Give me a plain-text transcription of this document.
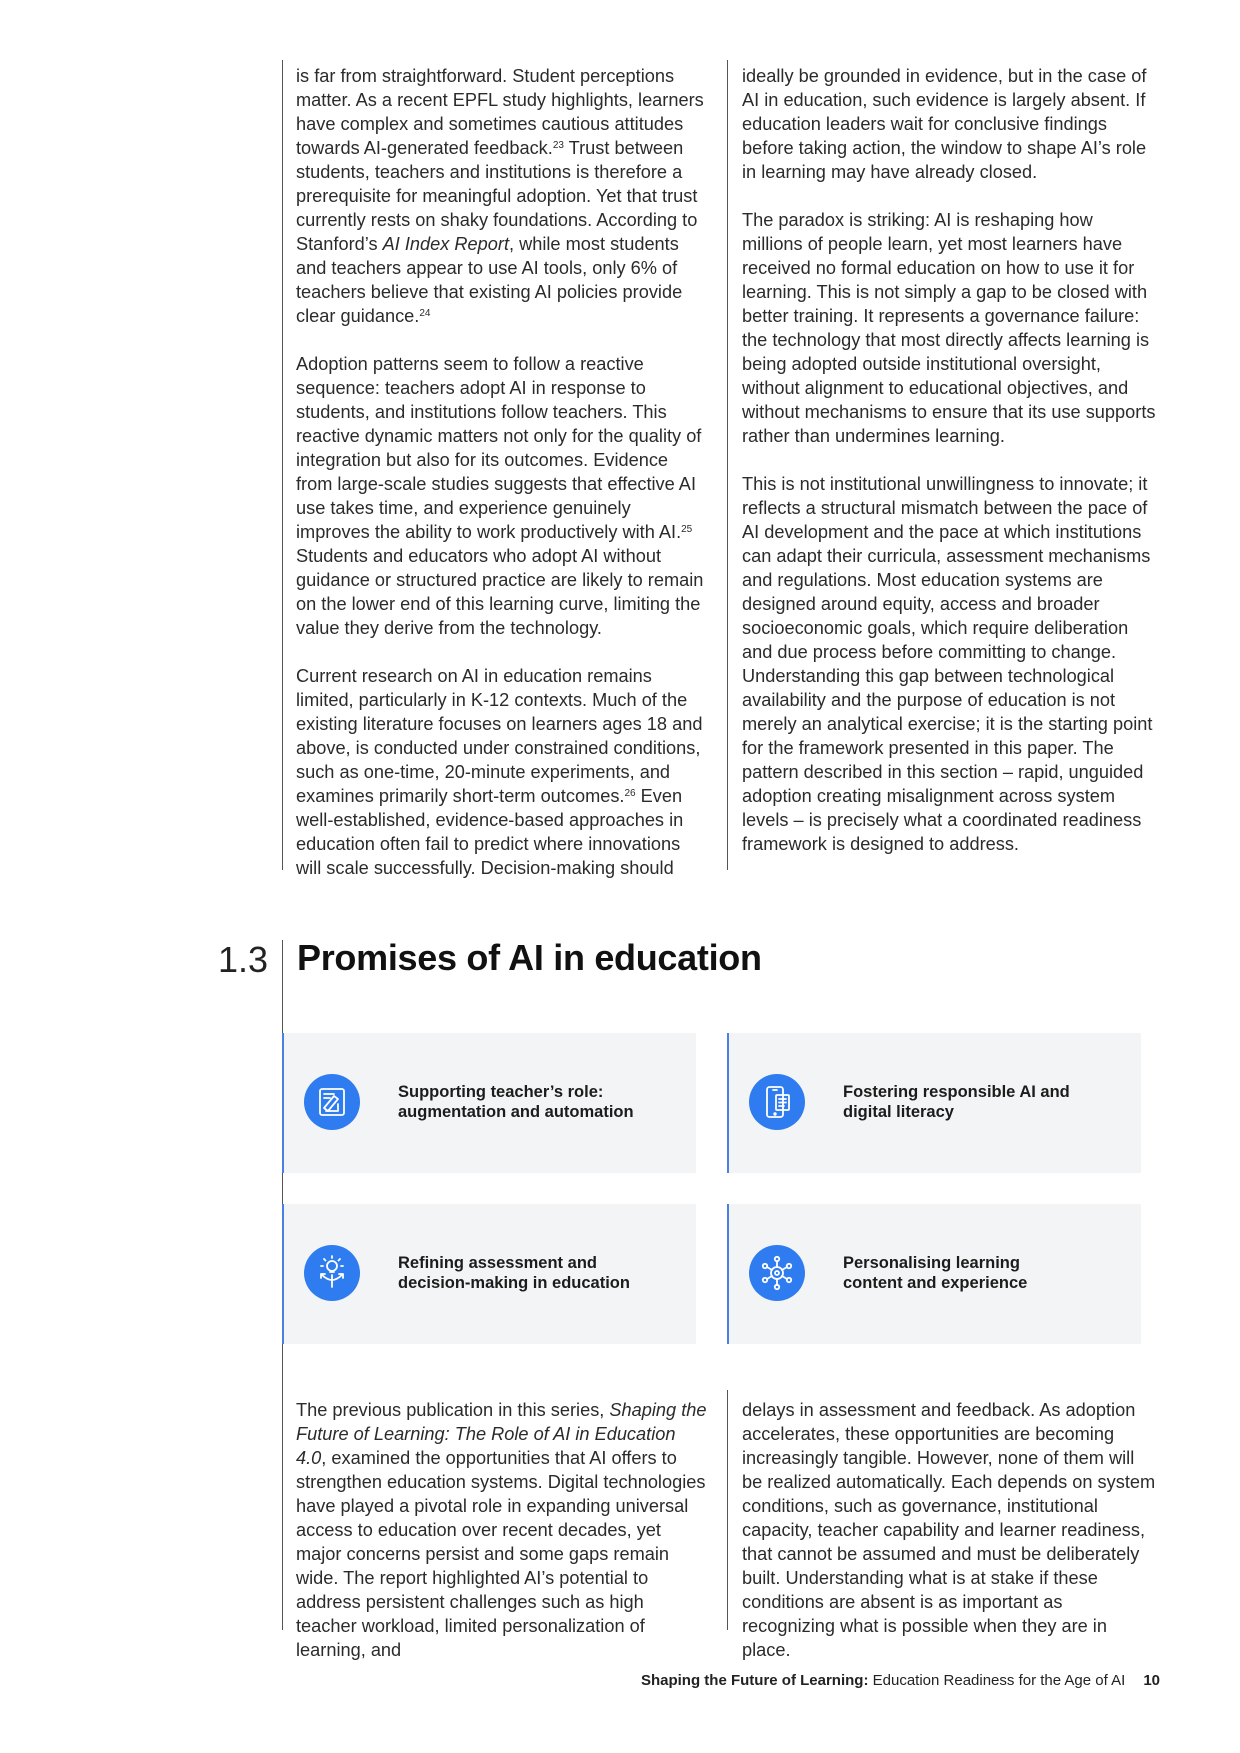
is far from straightforward. Student perceptions matter. As a recent EPFL study highlights, learners have complex and sometimes cautious attitudes towards AI-generated feedback.$^{23}$ Trust between students, teachers and institutions is therefore a prerequisite for meaningful adoption. Yet that trust currently rests on shaky foundations. According to Stanford’s AI Index Report, while most students and teachers appear to use AI tools, only 6% of teachers believe that existing AI policies provide clear guidance.$^{24}$

Adoption patterns seem to follow a reactive sequence: teachers adopt AI in response to students, and institutions follow teachers. This reactive dynamic matters not only for the quality of integration but also for its outcomes. Evidence from large-scale studies suggests that effective AI use takes time, and experience genuinely improves the ability to work productively with AI.$^{25}$ Students and educators who adopt AI without guidance or structured practice are likely to remain on the lower end of this learning curve, limiting the value they derive from the technology.

Current research on AI in education remains limited, particularly in K-12 contexts. Much of the existing literature focuses on learners ages 18 and above, is conducted under constrained conditions, such as one-time, 20-minute experiments, and examines primarily short-term outcomes.$^{26}$ Even well-established, evidence-based approaches in education often fail to predict where innovations will scale successfully. Decision-making should

ideally be grounded in evidence, but in the case of AI in education, such evidence is largely absent. If education leaders wait for conclusive findings before taking action, the window to shape AI’s role in learning may have already closed.

The paradox is striking: AI is reshaping how millions of people learn, yet most learners have received no formal education on how to use it for learning. This is not simply a gap to be closed with better training. It represents a governance failure: the technology that most directly affects learning is being adopted outside institutional oversight, without alignment to educational objectives, and without mechanisms to ensure that its use supports rather than undermines learning.

This is not institutional unwillingness to innovate; it reflects a structural mismatch between the pace of AI development and the pace at which institutions can adapt their curricula, assessment mechanisms and regulations. Most education systems are designed around equity, access and broader socioeconomic goals, which require deliberation and due process before committing to change. Understanding this gap between technological availability and the purpose of education is not merely an analytical exercise; it is the starting point for the framework presented in this paper. The pattern described in this section – rapid, unguided adoption creating misalignment across system levels – is precisely what a coordinated readiness framework is designed to address.

1.3 Promises of AI in education
Supporting teacher’s role:
augmentation and automation
Fostering responsible AI and
digital literacy
Refining assessment and
decision-making in education
Personalising learning
content and experience

The previous publication in this series, Shaping the Future of Learning: The Role of AI in Education 4.0, examined the opportunities that AI offers to strengthen education systems. Digital technologies have played a pivotal role in expanding universal access to education over recent decades, yet major concerns persist and some gaps remain wide. The report highlighted AI’s potential to address persistent challenges such as high teacher workload, limited personalization of learning, and

delays in assessment and feedback. As adoption accelerates, these opportunities are becoming increasingly tangible. However, none of them will be realized automatically. Each depends on system conditions, such as governance, institutional capacity, teacher capability and learner readiness, that cannot be assumed and must be deliberately built. Understanding what is at stake if these conditions are absent is as important as recognizing what is possible when they are in place.

Shaping the Future of Learning: Education Readiness for the Age of AI 10
